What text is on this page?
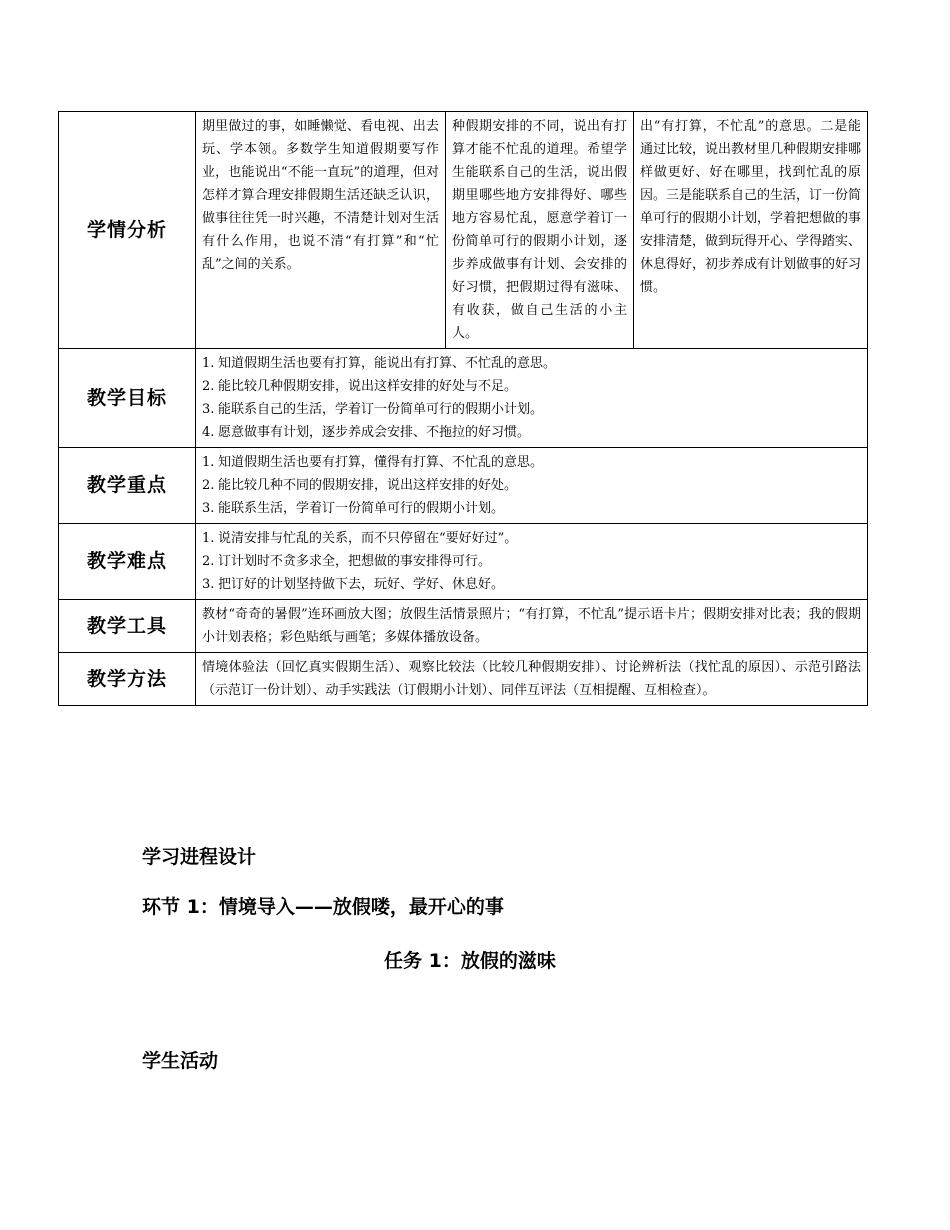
学情分析	期里做过的事，如睡懒觉、看电视、出去玩、学本领。多数学生知道假期要写作业，也能说出“不能一直玩”的道理，但对怎样才算合理安排假期生活还缺乏认识，做事往往凭一时兴趣，不清楚计划对生活有什么作用，也说不清“有打算”和“忙乱”之间的关系。	种假期安排的不同，说出有打算才能不忙乱的道理。希望学生能联系自己的生活，说出假期里哪些地方安排得好、哪些地方容易忙乱，愿意学着订一份简单可行的假期小计划，逐步养成做事有计划、会安排的好习惯，把假期过得有滋味、有收获，做自己生活的小主人。	出“有打算，不忙乱”的意思。二是能通过比较，说出教材里几种假期安排哪样做更好、好在哪里，找到忙乱的原因。三是能联系自己的生活，订一份简单可行的假期小计划，学着把想做的事安排清楚，做到玩得开心、学得踏实、休息得好，初步养成有计划做事的好习惯。
教学目标	1. 知道假期生活也要有打算，能说出有打算、不忙乱的意思。
2. 能比较几种假期安排，说出这样安排的好处与不足。
3. 能联系自己的生活，学着订一份简单可行的假期小计划。
4. 愿意做事有计划，逐步养成会安排、不拖拉的好习惯。		

教学重点	1. 知道假期生活也要有打算，懂得有打算、不忙乱的意思。
2. 能比较几种不同的假期安排，说出这样安排的好处。
3. 能联系生活，学着订一份简单可行的假期小计划。		

教学难点	1. 说清安排与忙乱的关系，而不只停留在“要好好过”。
2. 订计划时不贪多求全，把想做的事安排得可行。
3. 把订好的计划坚持做下去，玩好、学好、休息好。		

教学工具	教材“奇奇的暑假”连环画放大图；放假生活情景照片；“有打算，不忙乱”提示语卡片；假期安排对比表；我的假期小计划表格；彩色贴纸与画笔；多媒体播放设备。		
教学方法	情境体验法（回忆真实假期生活）、观察比较法（比较几种假期安排）、讨论辨析法（找忙乱的原因）、示范引路法（示范订一份计划）、动手实践法（订假期小计划）、同伴互评法（互相提醒、互相检查）。		
学习进程设计
环节 1：情境导入——放假喽，最开心的事
任务 1：放假的滋味
学生活动
